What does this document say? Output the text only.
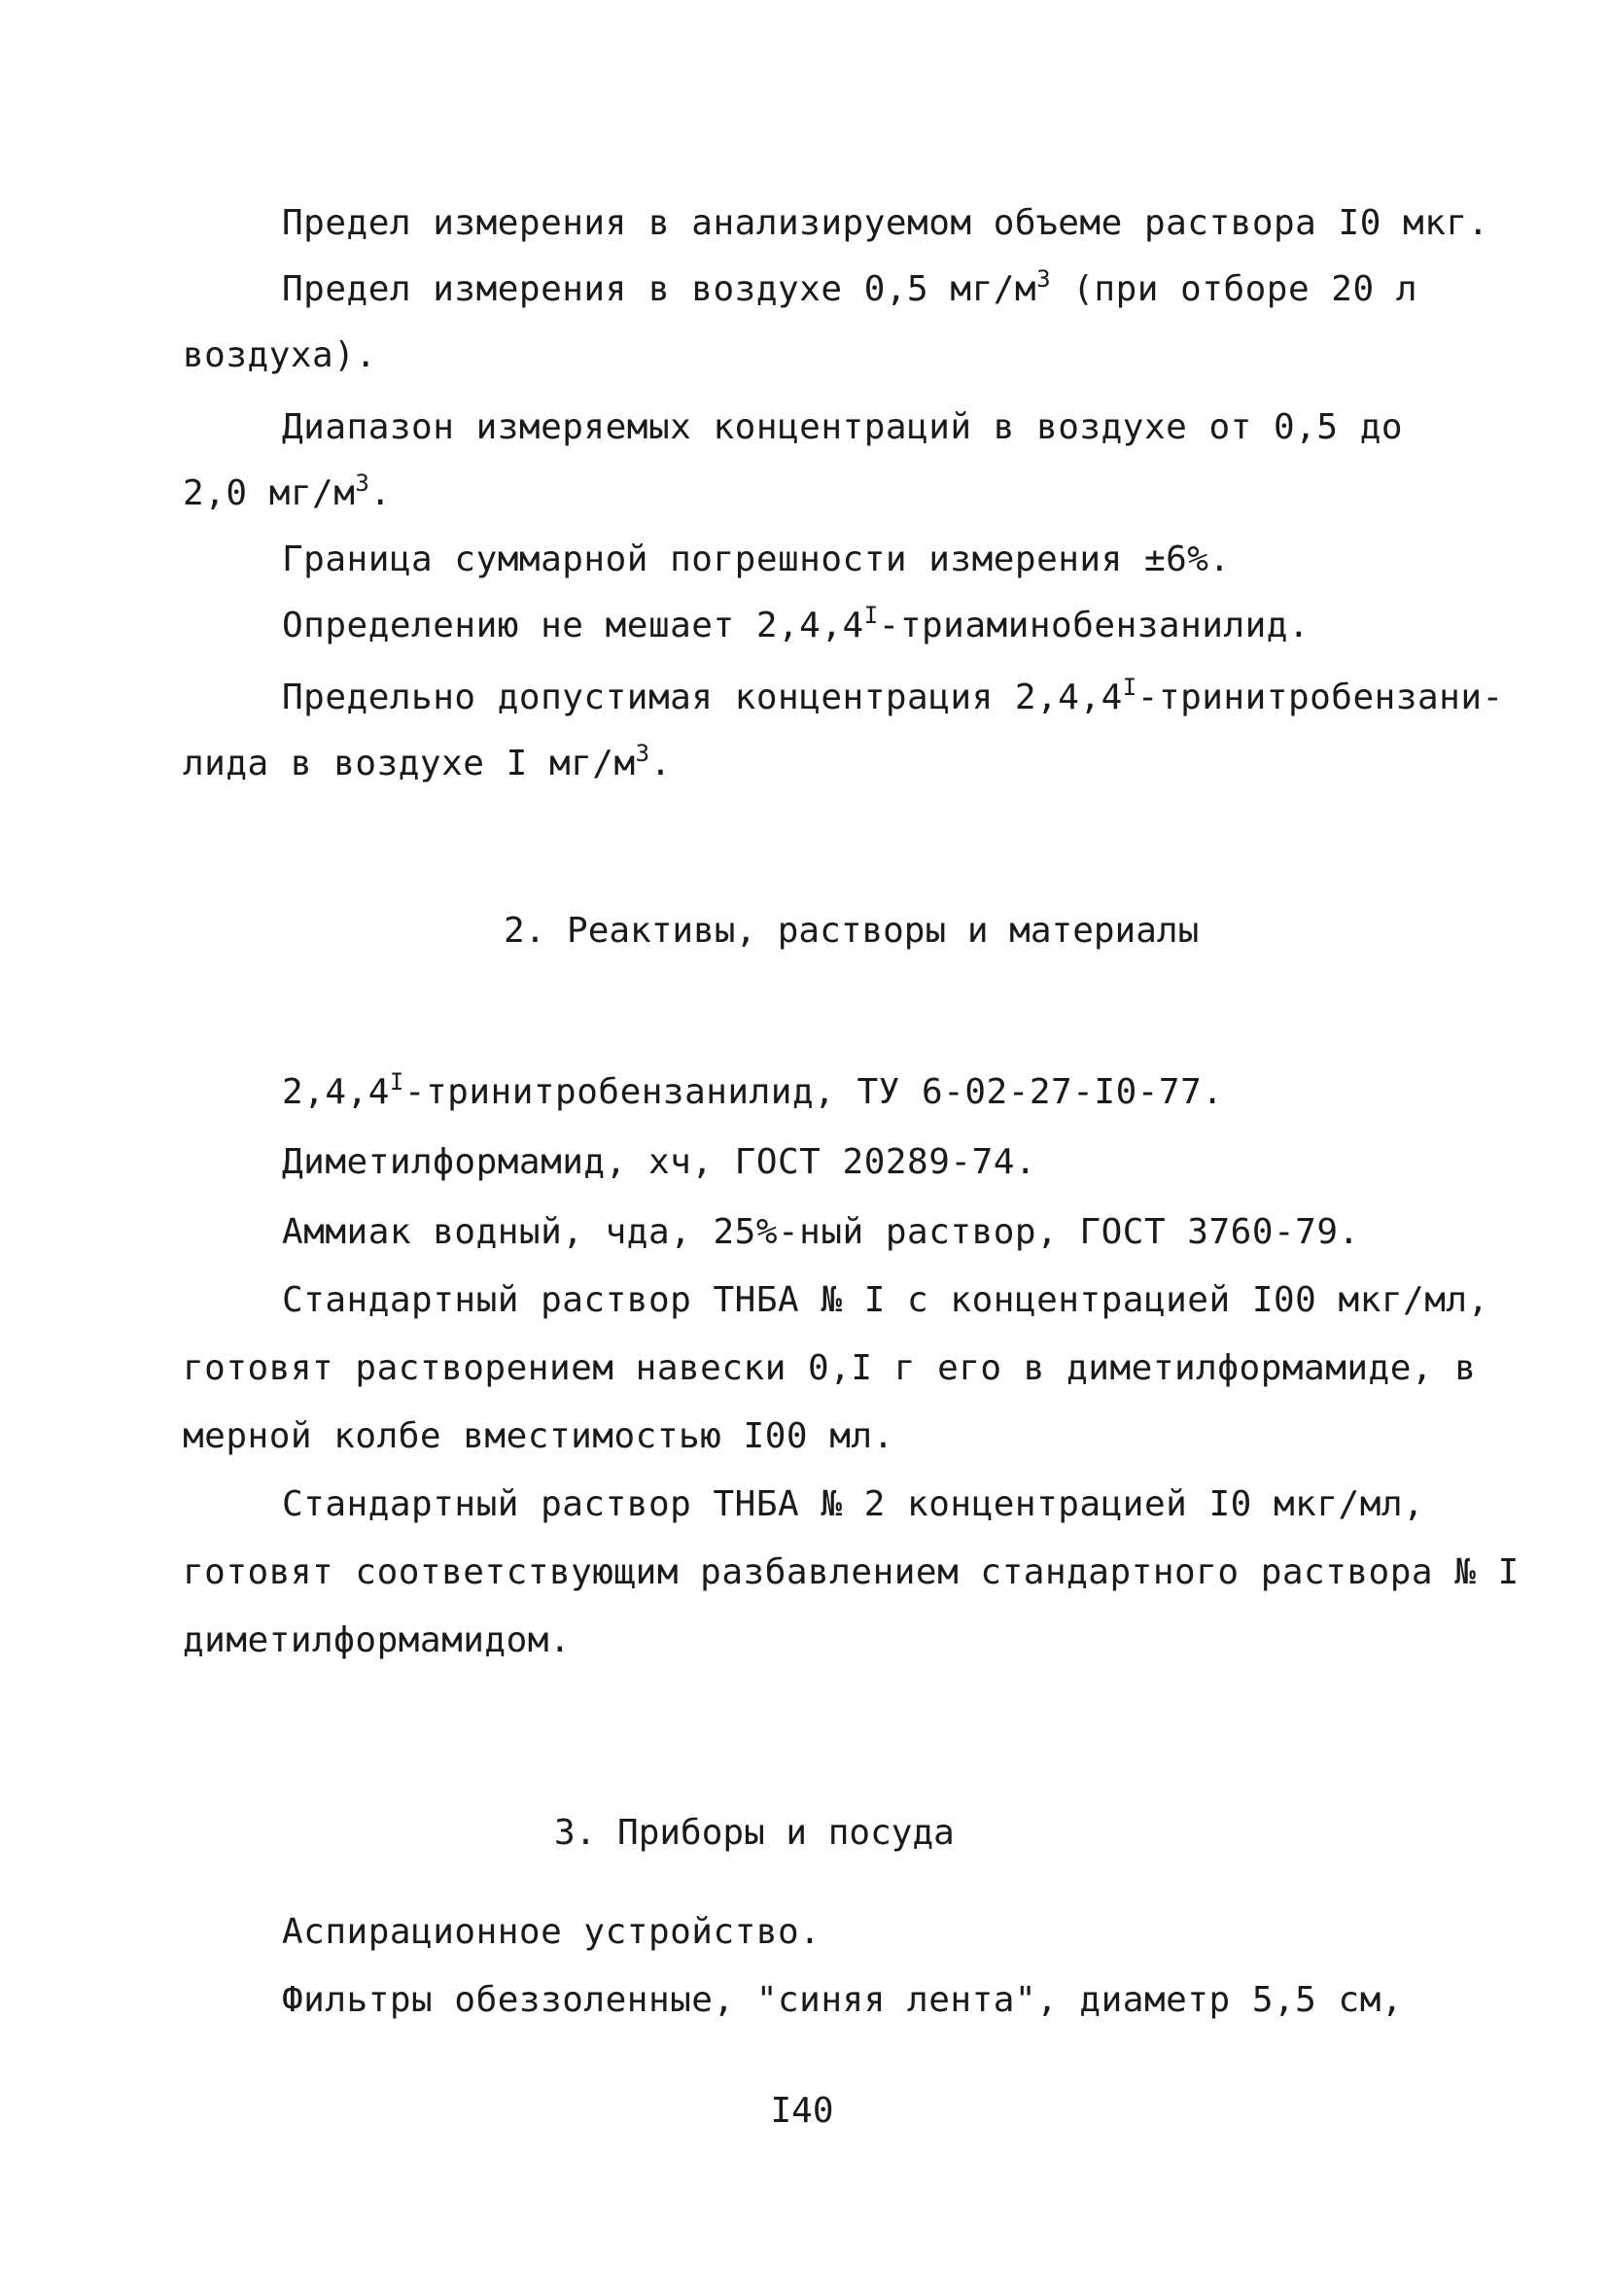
Предел измерения в анализируемом объеме раствора I0 мкг.
Предел измерения в воздухе 0,5 $мг/м^3$ (при отборе 20 л
воздуха).
Диапазон измеряемых концентраций в воздухе от 0,5 до
2,0 $мг/м^3$.
Граница суммарной погрешности измерения ±6%.
Определению не мешает $2,4,4^I$-триаминобензанилид.
Предельно допустимая концентрация $2,4,4^I-тринитробензани-$
лида в воздухе I $мг/м^3$.
2. Реактивы, растворы и материалы
$2,4,4^I$-тринитробензанилид, ТУ 6-02-27-I0-77.
Диметилформамид, хч, ГОСТ 20289-74.
Аммиак водный, чда, 25%-ный раствор, ГОСТ 3760-79.
Стандартный раствор ТНБА № I с концентрацией I00 мкг/мл,
готовят растворением навески 0,I г его в диметилформамиде, в
мерной колбе вместимостью I00 мл.
Стандартный раствор ТНБА № 2 концентрацией I0 мкг/мл,
готовят соответствующим разбавлением стандартного раствора № I
диметилформамидом.
3. Приборы и посуда
Аспирационное устройство.
Фильтры обеззоленные, "синяя лента", диаметр 5,5 см,
I40
